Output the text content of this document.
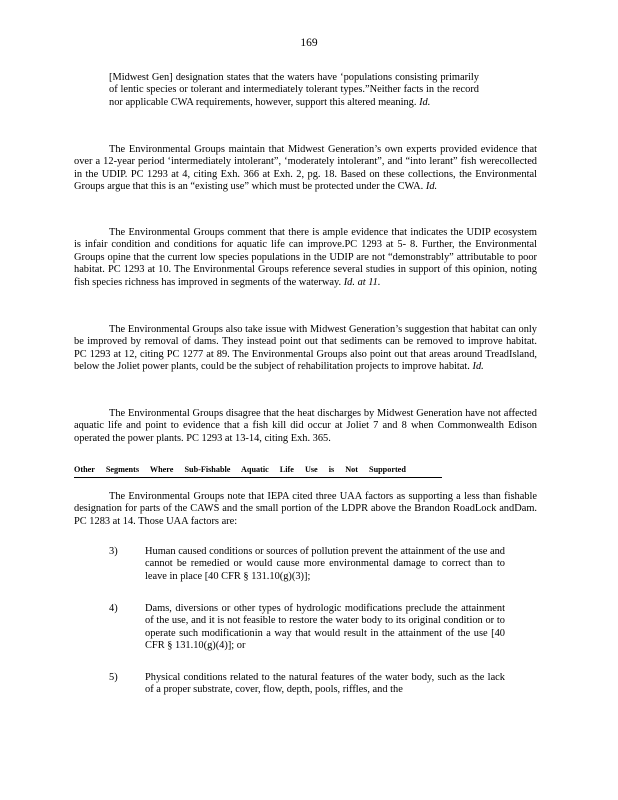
169
[Midwest Gen] designation states that the waters have ‘populations consisting primarily of lentic species or tolerant and intermediately tolerant types.”Neither facts in the record nor applicable CWA requirements, however, support this altered meaning. Id.
The Environmental Groups maintain that Midwest Generation’s own experts provided evidence that over a 12-year period ‘intermediately intolerant”, ‘moderately intolerant”, and “into lerant” fish werecollected in the UDIP. PC 1293 at 4, citing Exh. 366 at Exh. 2, pg. 18. Based on these collections, the Environmental Groups argue that this is an “existing use” which must be protected under the CWA. Id.
The Environmental Groups comment that there is ample evidence that indicates the UDIP ecosystem is infair condition and conditions for aquatic life can improve.PC 1293 at 5- 8. Further, the Environmental Groups opine that the current low species populations in the UDIP are not “demonstrably” attributable to poor habitat. PC 1293 at 10. The Environmental Groups reference several studies in support of this opinion, noting fish species richness has improved in segments of the waterway. Id. at 11.
The Environmental Groups also take issue with Midwest Generation’s suggestion that habitat can only be improved by removal of dams. They instead point out that sediments can be removed to improve habitat. PC 1293 at 12, citing PC 1277 at 89. The Environmental Groups also point out that areas around TreadIsland, below the Joliet power plants, could be the subject of rehabilitation projects to improve habitat. Id.
The Environmental Groups disagree that the heat discharges by Midwest Generation have not affected aquatic life and point to evidence that a fish kill did occur at Joliet 7 and 8 when Commonwealth Edison operated the power plants. PC 1293 at 13-14, citing Exh. 365.
Other Segments Where Sub-Fishable Aquatic Life Use is Not Supported
The Environmental Groups note that IEPA cited three UAA factors as supporting a less than fishable designation for parts of the CAWS and the small portion of the LDPR above the Brandon RoadLock andDam. PC 1283 at 14. Those UAA factors are:
3)	Human caused conditions or sources of pollution prevent the attainment of the use and cannot be remedied or would cause more environmental damage to correct than to leave in place [40 CFR § 131.10(g)(3)];
4)	Dams, diversions or other types of hydrologic modifications preclude the attainment of the use, and it is not feasible to restore the water body to its original condition or to operate such modificationin a way that would result in the attainment of the use [40 CFR § 131.10(g)(4)]; or
5)	Physical conditions related to the natural features of the water body, such as the lack of a proper substrate, cover, flow, depth, pools, riffles, and the
